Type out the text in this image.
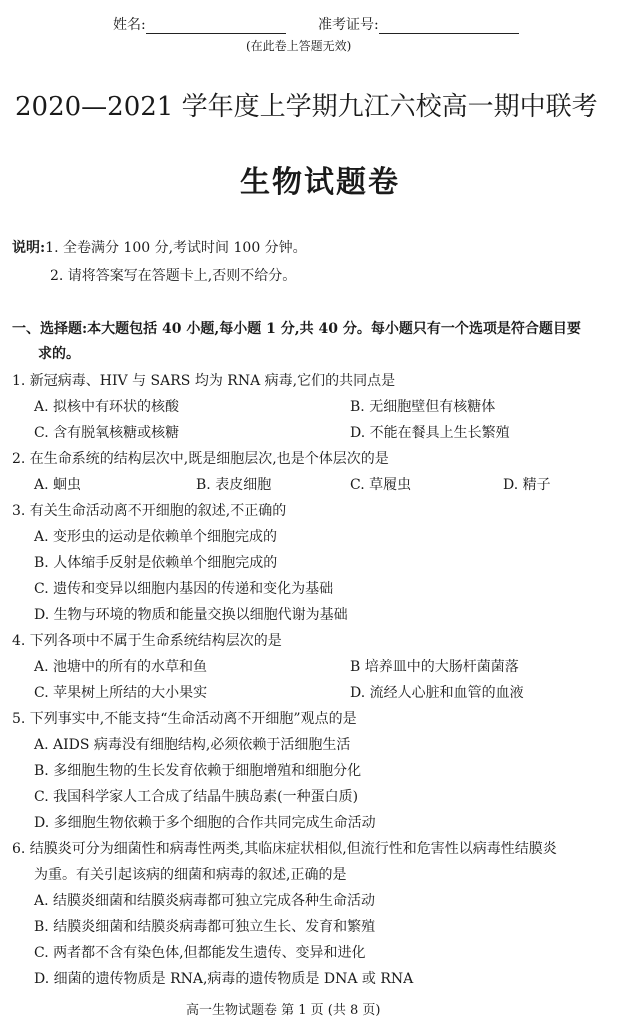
姓名:	准考证号:
(在此卷上答题无效)
2020—2021 学年度上学期九江六校高一期中联考
生物试题卷
说明:1. 全卷满分 100 分,考试时间 100 分钟。
2. 请将答案写在答题卡上,否则不给分。
一、选择题:本大题包括 40 小题,每小题 1 分,共 40 分。每小题只有一个选项是符合题目要
求的。
1. 新冠病毒、HIV 与 SARS 均为 RNA 病毒,它们的共同点是
A. 拟核中有环状的核酸	B. 无细胞壁但有核糖体
C. 含有脱氧核糖或核糖	D. 不能在餐具上生长繁殖
2. 在生命系统的结构层次中,既是细胞层次,也是个体层次的是
A. 蛔虫	B. 表皮细胞	C. 草履虫	D. 精子
3. 有关生命活动离不开细胞的叙述,不正确的
A. 变形虫的运动是依赖单个细胞完成的
B. 人体缩手反射是依赖单个细胞完成的
C. 遗传和变异以细胞内基因的传递和变化为基础
D. 生物与环境的物质和能量交换以细胞代谢为基础
4. 下列各项中不属于生命系统结构层次的是
A. 池塘中的所有的水草和鱼	B 培养皿中的大肠杆菌菌落
C. 苹果树上所结的大小果实	D. 流经人心脏和血管的血液
5. 下列事实中,不能支持“生命活动离不开细胞”观点的是
A. AIDS 病毒没有细胞结构,必须依赖于活细胞生活
B. 多细胞生物的生长发育依赖于细胞增殖和细胞分化
C. 我国科学家人工合成了结晶牛胰岛素(一种蛋白质)
D. 多细胞生物依赖于多个细胞的合作共同完成生命活动
6. 结膜炎可分为细菌性和病毒性两类,其临床症状相似,但流行性和危害性以病毒性结膜炎
为重。有关引起该病的细菌和病毒的叙述,正确的是
A. 结膜炎细菌和结膜炎病毒都可独立完成各种生命活动
B. 结膜炎细菌和结膜炎病毒都可独立生长、发育和繁殖
C. 两者都不含有染色体,但都能发生遗传、变异和进化
D. 细菌的遗传物质是 RNA,病毒的遗传物质是 DNA 或 RNA
高一生物试题卷 第 1 页 (共 8 页)
